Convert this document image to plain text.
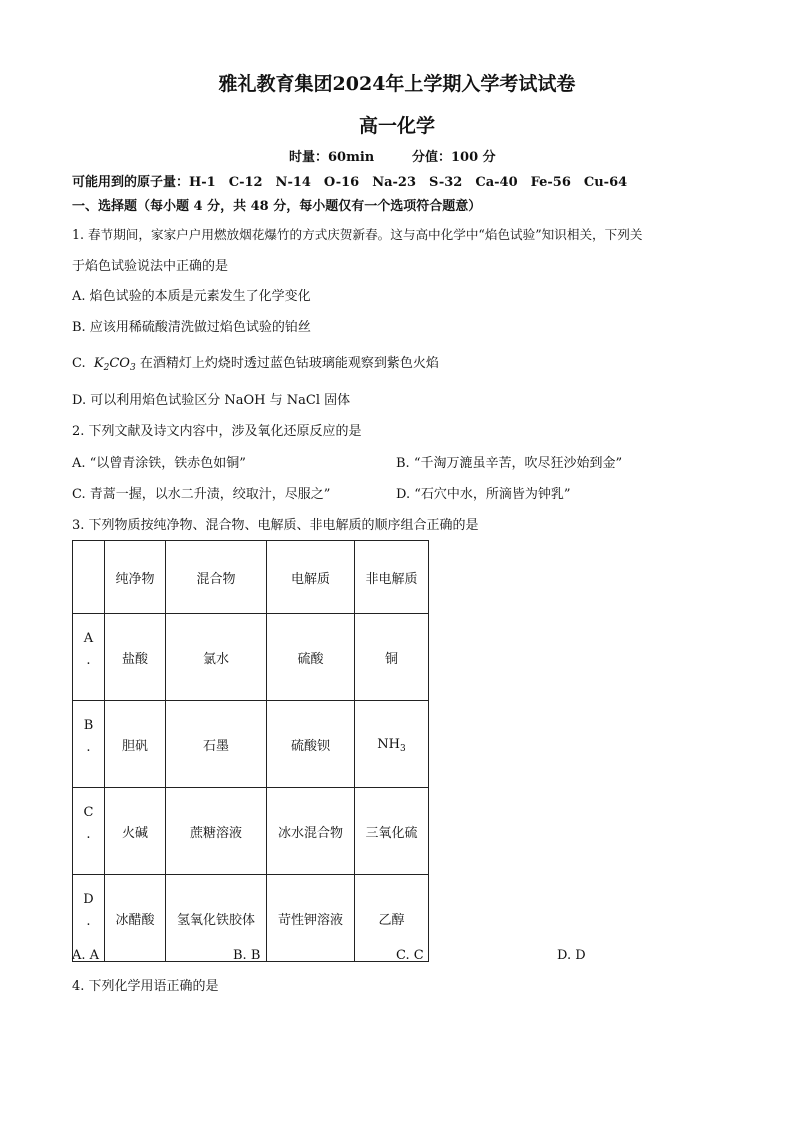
雅礼教育集团2024年上学期入学考试试卷
高一化学
时量：60min	分值：100 分
可能用到的原子量：H-1　C-12　N-14　O-16　Na-23　S-32　Ca-40　Fe-56　Cu-64
一、选择题（每小题 4 分，共 48 分，每小题仅有一个选项符合题意）
1. 春节期间，家家户户用燃放烟花爆竹的方式庆贺新春。这与高中化学中“焰色试验”知识相关，下列关
于焰色试验说法中正确的是
A. 焰色试验的本质是元素发生了化学变化
B. 应该用稀硫酸清洗做过焰色试验的铂丝
C. $K_2CO_3$ 在酒精灯上灼烧时透过蓝色钴玻璃能观察到紫色火焰
D. 可以利用焰色试验区分 NaOH 与 NaCl 固体
2. 下列文献及诗文内容中，涉及氧化还原反应的是
A. “以曾青涂铁，铁赤色如铜”	B. “千淘万漉虽辛苦，吹尽狂沙始到金”
C. 青蒿一握，以水二升渍，绞取汁，尽服之”	D. “石穴中水，所滴皆为钟乳”
3. 下列物质按纯净物、混合物、电解质、非电解质的顺序组合正确的是
	纯净物	混合物	电解质	非电解质
A
.	盐酸	氯水	硫酸	铜
B
.	胆矾	石墨	硫酸钡	$NH_3$
C
.	火碱	蔗糖溶液	冰水混合物	三氧化硫
D
.	冰醋酸	氢氧化铁胶体	苛性钾溶液	乙醇
A. A	B. B	C. C	D. D
4. 下列化学用语正确的是
